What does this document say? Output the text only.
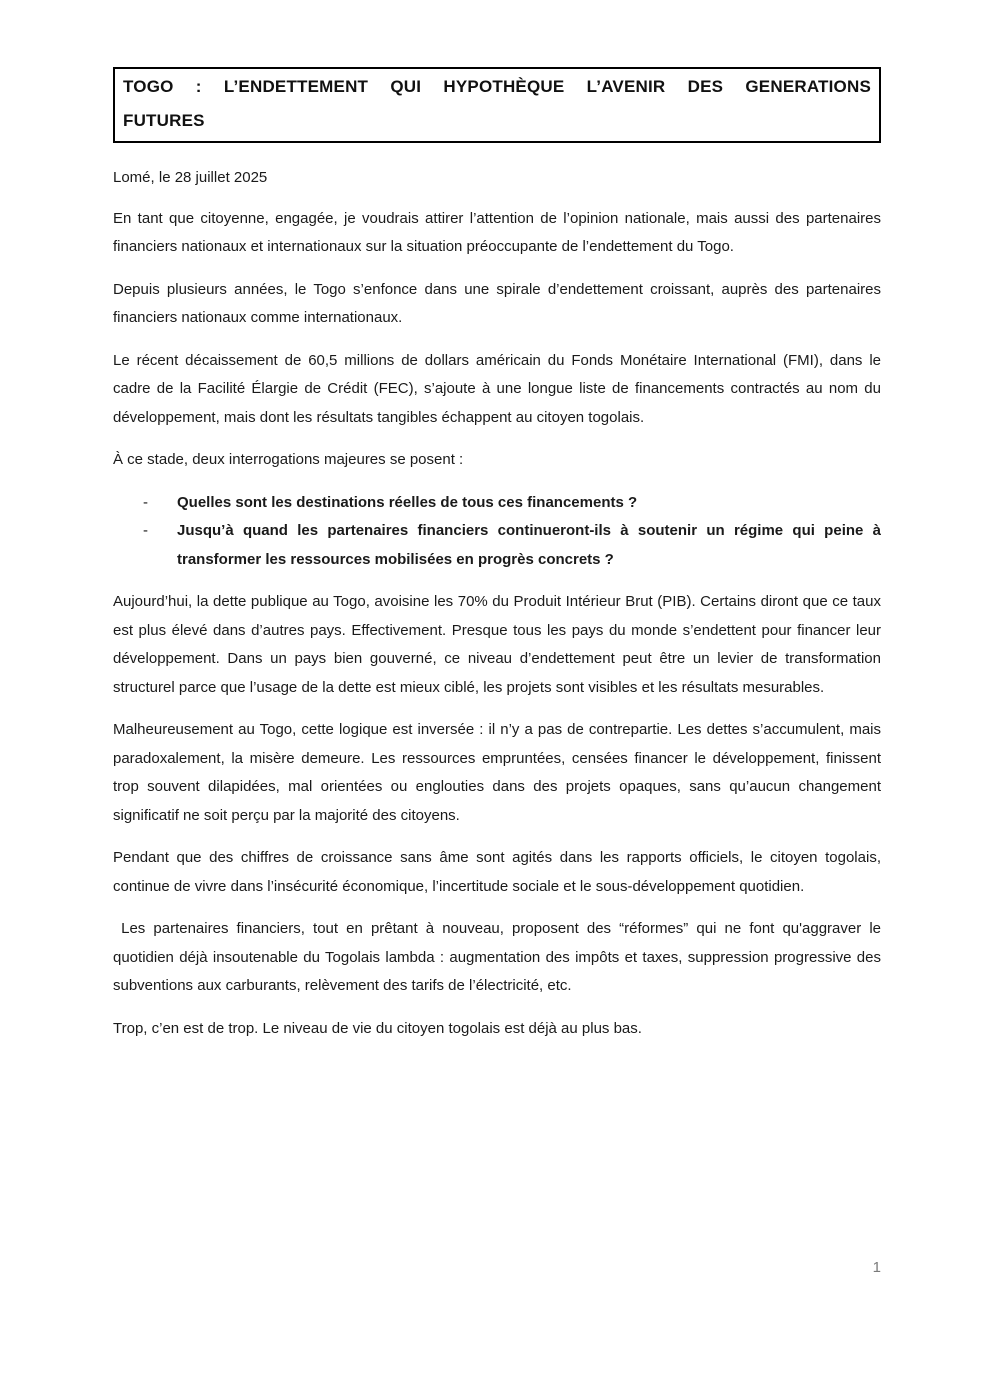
TOGO : L’ENDETTEMENT QUI HYPOTHÈQUE L’AVENIR DES GENERATIONS FUTURES

Lomé, le 28 juillet 2025

En tant que citoyenne, engagée, je voudrais attirer l’attention de l’opinion nationale, mais aussi des partenaires financiers nationaux et internationaux sur la situation préoccupante de l’endettement du Togo.

Depuis plusieurs années, le Togo s’enfonce dans une spirale d’endettement croissant, auprès des partenaires financiers nationaux comme internationaux.

Le récent décaissement de 60,5 millions de dollars américain du Fonds Monétaire International (FMI), dans le cadre de la Facilité Élargie de Crédit (FEC), s’ajoute à une longue liste de financements contractés au nom du développement, mais dont les résultats tangibles échappent au citoyen togolais.

À ce stade, deux interrogations majeures se posent :

-	Quelles sont les destinations réelles de tous ces financements ?
-	Jusqu’à quand les partenaires financiers continueront-ils à soutenir un régime qui peine à transformer les ressources mobilisées en progrès concrets ?

Aujourd’hui, la dette publique au Togo, avoisine les 70% du Produit Intérieur Brut (PIB). Certains diront que ce taux est plus élevé dans d’autres pays. Effectivement. Presque tous les pays du monde s’endettent pour financer leur développement. Dans un pays bien gouverné, ce niveau d’endettement peut être un levier de transformation structurel parce que l’usage de la dette est mieux ciblé, les projets sont visibles et les résultats mesurables.

Malheureusement au Togo, cette logique est inversée : il n’y a pas de contrepartie. Les dettes s’accumulent, mais paradoxalement, la misère demeure. Les ressources empruntées, censées financer le développement, finissent trop souvent dilapidées, mal orientées ou englouties dans des projets opaques, sans qu’aucun changement significatif ne soit perçu par la majorité des citoyens.

Pendant que des chiffres de croissance sans âme sont agités dans les rapports officiels, le citoyen togolais, continue de vivre dans l’insécurité économique, l’incertitude sociale et le sous-développement quotidien.

Les partenaires financiers, tout en prêtant à nouveau, proposent des “réformes” qui ne font qu'aggraver le quotidien déjà insoutenable du Togolais lambda : augmentation des impôts et taxes, suppression progressive des subventions aux carburants, relèvement des tarifs de l’électricité, etc.

Trop, c’en est de trop. Le niveau de vie du citoyen togolais est déjà au plus bas.

1
